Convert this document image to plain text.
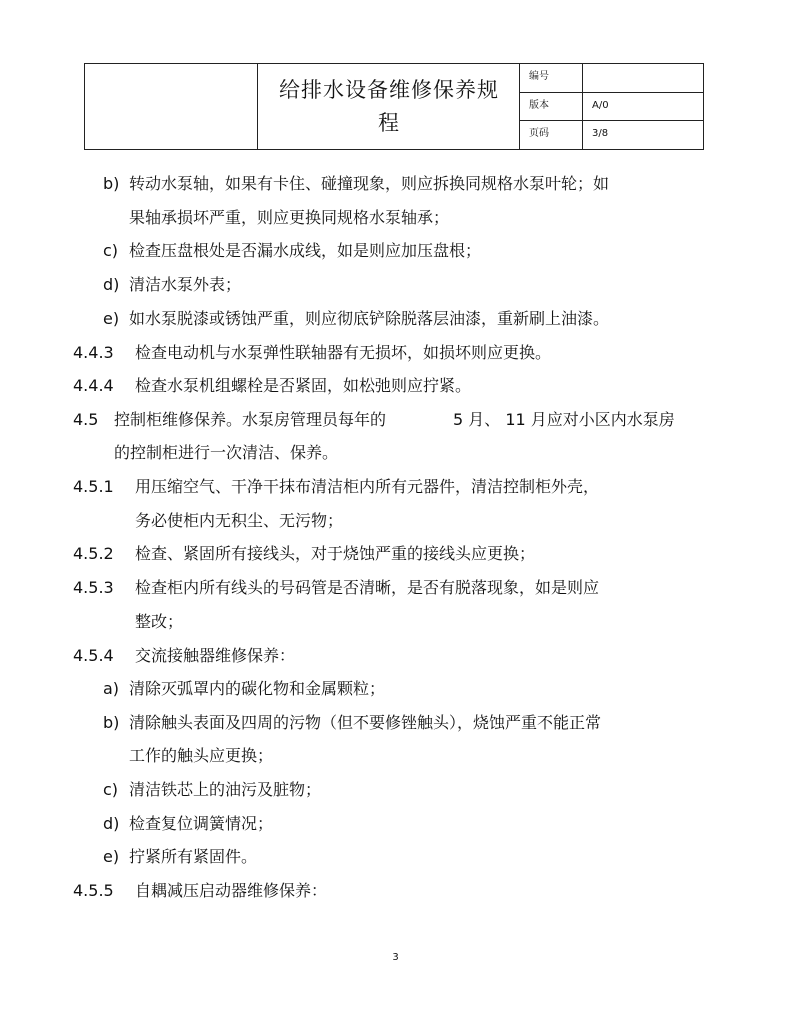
给排水设备维修保养规
程
编号
版本	A/0
页码	3/8
b) 转动水泵轴，如果有卡住、碰撞现象，则应拆换同规格水泵叶轮；如
果轴承损坏严重，则应更换同规格水泵轴承；
c) 检查压盘根处是否漏水成线，如是则应加压盘根；
d) 清洁水泵外表；
e) 如水泵脱漆或锈蚀严重，则应彻底铲除脱落层油漆，重新刷上油漆。
4.4.3 检查电动机与水泵弹性联轴器有无损坏，如损坏则应更换。
4.4.4 检查水泵机组螺栓是否紧固，如松弛则应拧紧。
4.5 控制柜维修保养。水泵房管理员每年的	5 月、 11 月应对小区内水泵房
的控制柜进行一次清洁、保养。
4.5.1 用压缩空气、干净干抹布清洁柜内所有元器件，清洁控制柜外壳，
务必使柜内无积尘、无污物；
4.5.2 检查、紧固所有接线头，对于烧蚀严重的接线头应更换；
4.5.3 检查柜内所有线头的号码管是否清晰，是否有脱落现象，如是则应
整改；
4.5.4 交流接触器维修保养：
a) 清除灭弧罩内的碳化物和金属颗粒；
b) 清除触头表面及四周的污物（但不要修锉触头），烧蚀严重不能正常
工作的触头应更换；
c) 清洁铁芯上的油污及脏物；
d) 检查复位调簧情况；
e) 拧紧所有紧固件。
4.5.5 自耦减压启动器维修保养：
3
